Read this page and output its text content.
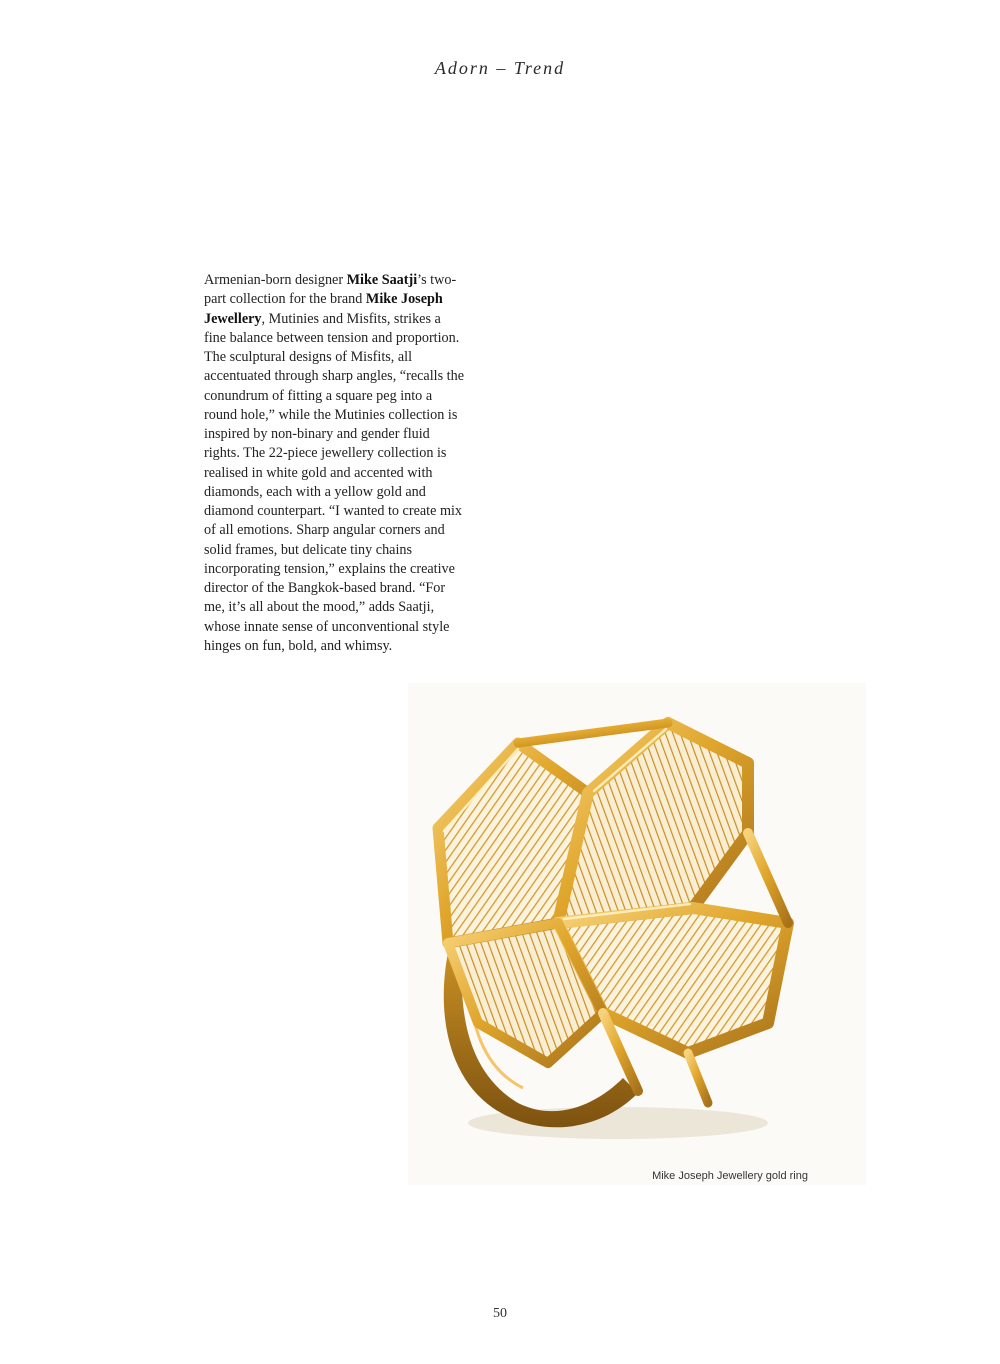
Adorn – Trend

Armenian-born designer Mike Saatji’s two-part collection for the brand Mike Joseph Jewellery, Mutinies and Misfits, strikes a fine balance between tension and proportion. The sculptural designs of Misfits, all accentuated through sharp angles, “recalls the conundrum of fitting a square peg into a round hole,” while the Mutinies collection is inspired by non-binary and gender fluid rights. The 22-piece jewellery collection is realised in white gold and accented with diamonds, each with a yellow gold and diamond counterpart. “I wanted to create mix of all emotions. Sharp angular corners and solid frames, but delicate tiny chains incorporating tension,” explains the creative director of the Bangkok-based brand. “For me, it’s all about the mood,” adds Saatji, whose innate sense of unconventional style hinges on fun, bold, and whimsy.

Mike Joseph Jewellery gold ring
50
